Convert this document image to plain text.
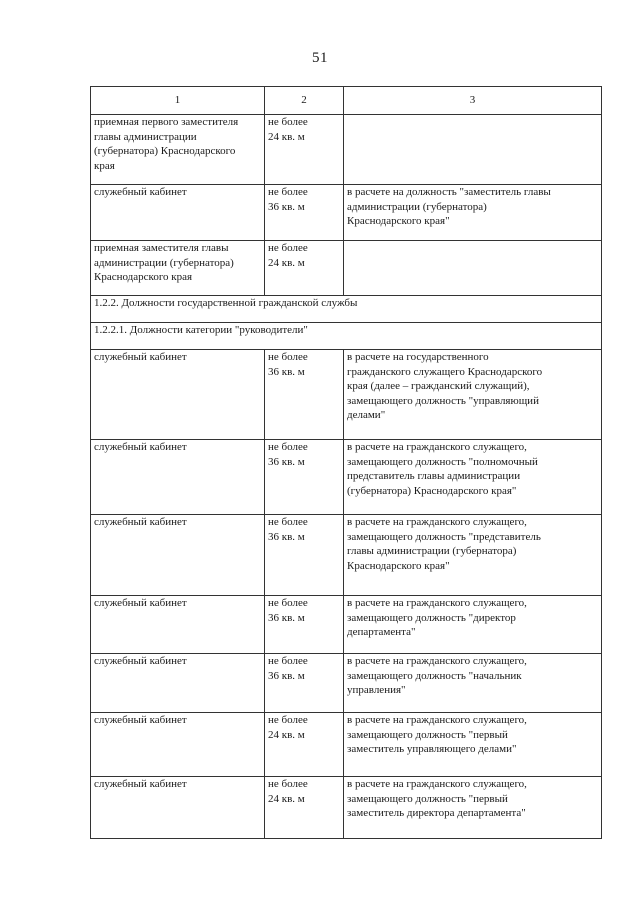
51
1	2	3

приемная первого заместителя
главы администрации
(губернатора) Краснодарского
края	не более
24 кв. м	

служебный кабинет	не более
36 кв. м	в расчете на должность "заместитель главы
администрации (губернатора)
Краснодарского края"

приемная заместителя главы
администрации (губернатора)
Краснодарского края	не более
24 кв. м	

1.2.2. Должности государственной гражданской службы		
1.2.2.1. Должности категории "руководители"		

служебный кабинет	не более
36 кв. м	в расчете на государственного
гражданского служащего Краснодарского
края (далее – гражданский служащий),
замещающего должность "управляющий
делами"

служебный кабинет	не более
36 кв. м	в расчете на гражданского служащего,
замещающего должность "полномочный
представитель главы администрации
(губернатора) Краснодарского края"

служебный кабинет	не более
36 кв. м	в расчете на гражданского служащего,
замещающего должность "представитель
главы администрации (губернатора)
Краснодарского края"

служебный кабинет	не более
36 кв. м	в расчете на гражданского служащего,
замещающего должность "директор
департамента"

служебный кабинет	не более
36 кв. м	в расчете на гражданского служащего,
замещающего должность "начальник
управления"

служебный кабинет	не более
24 кв. м	в расчете на гражданского служащего,
замещающего должность "первый
заместитель управляющего делами"

служебный кабинет	не более
24 кв. м	в расчете на гражданского служащего,
замещающего должность "первый
заместитель директора департамента"
